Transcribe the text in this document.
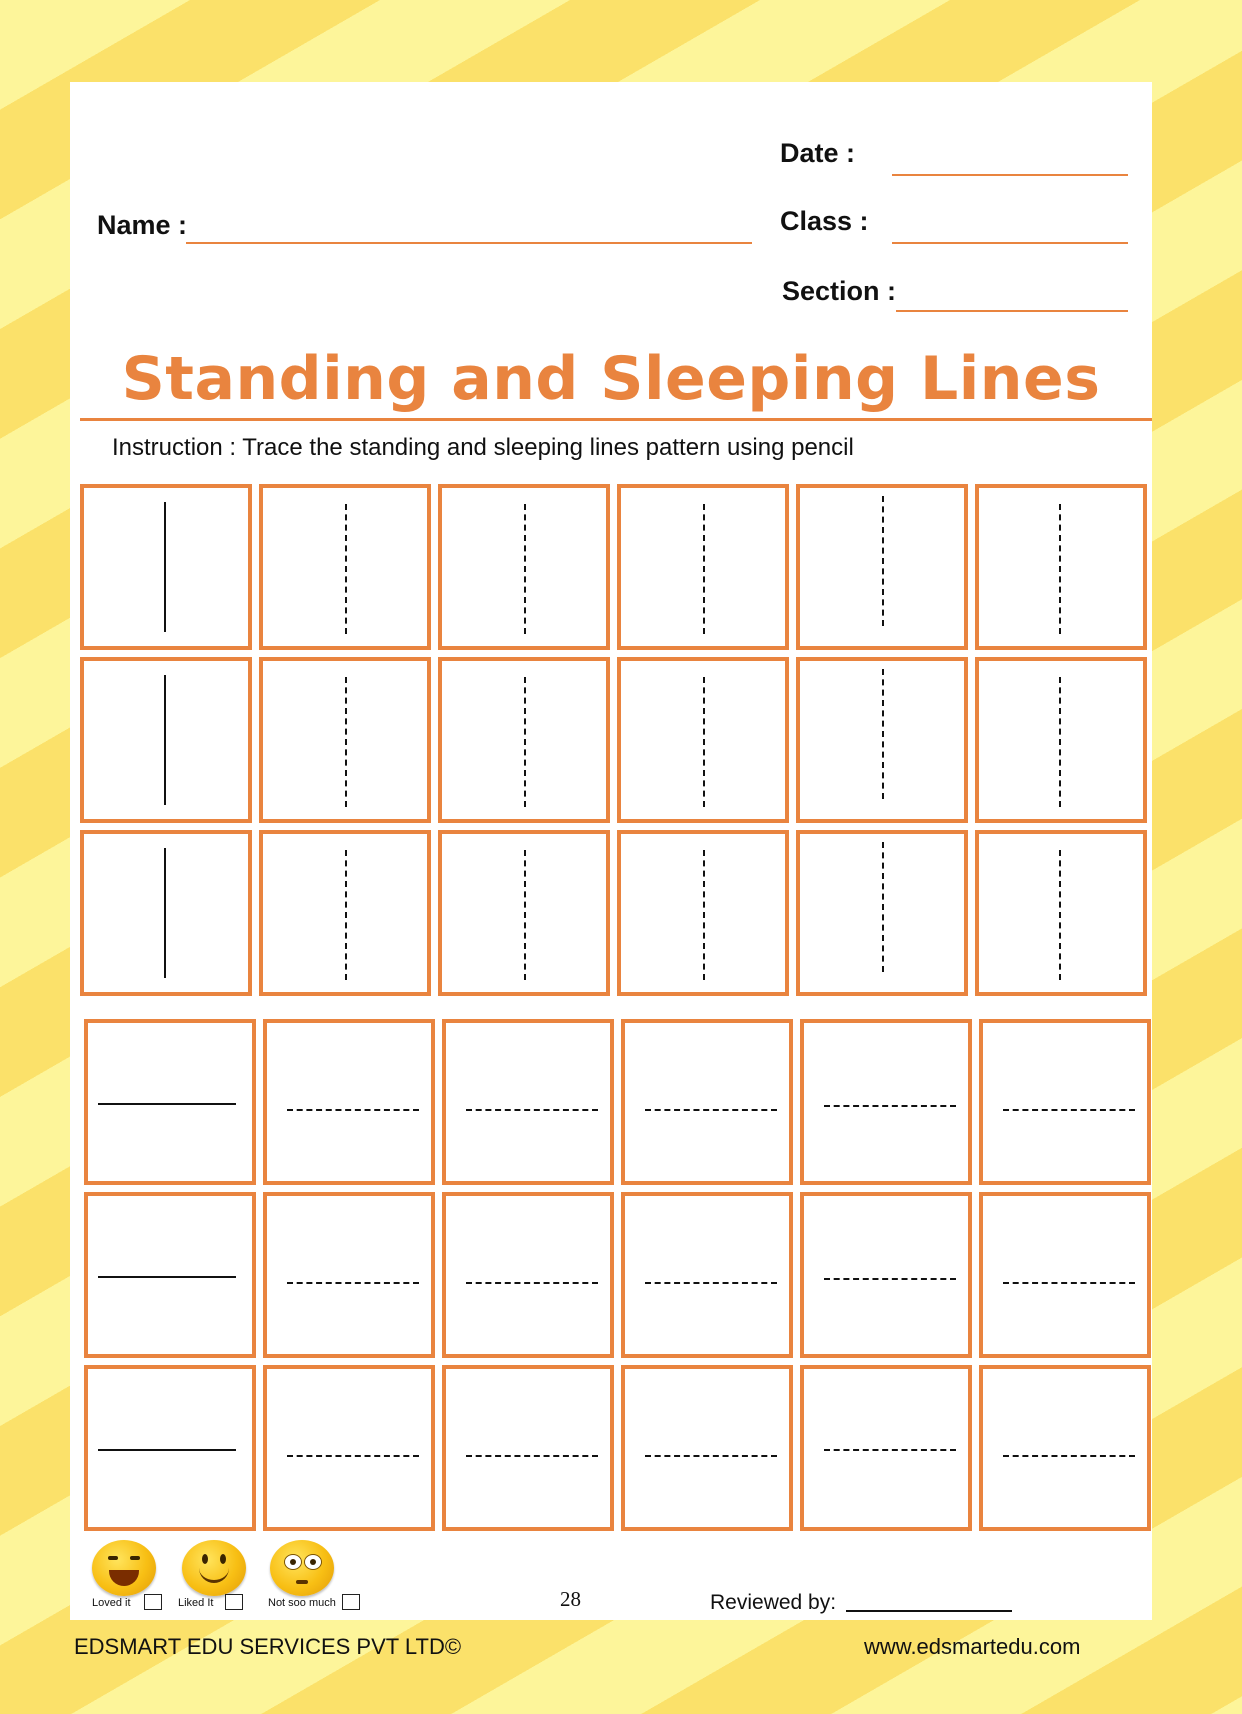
Date :
Name :	Class :
Section :
Standing and Sleeping Lines
Instruction : Trace the standing and sleeping lines pattern using pencil
Loved it	Liked It	Not soo much	28	Reviewed by:
EDSMART EDU SERVICES PVT LTD©	www.edsmartedu.com
